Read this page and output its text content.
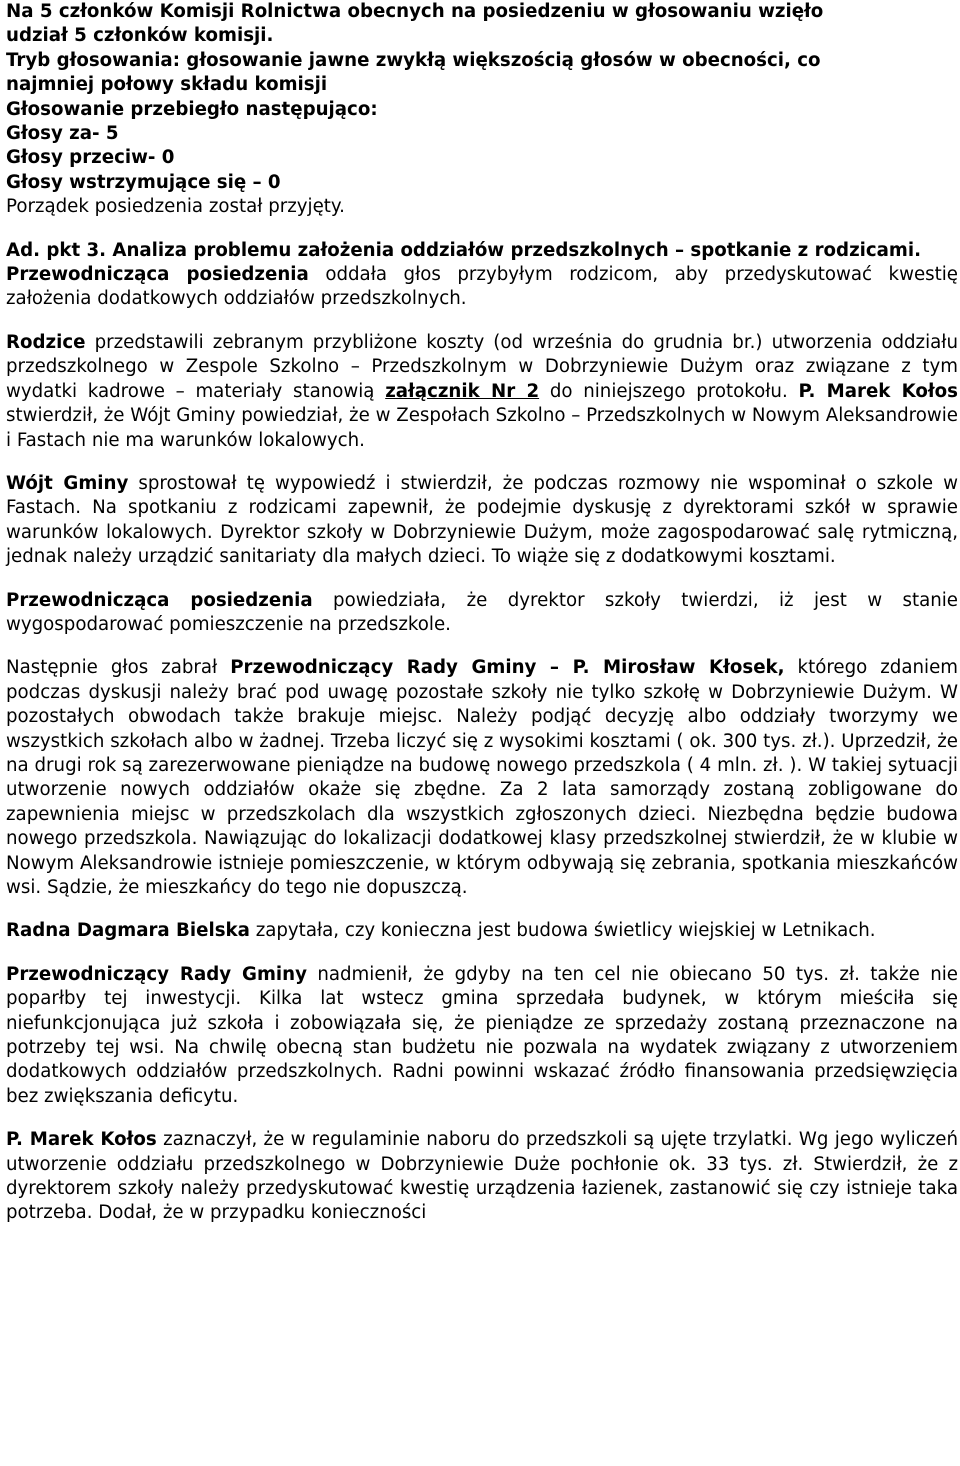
Na 5 członków Komisji Rolnictwa obecnych na posiedzeniu w głosowaniu wzięło
udział 5 członków komisji.
Tryb głosowania: głosowanie jawne zwykłą większością głosów w obecności, co
najmniej połowy składu komisji
Głosowanie przebiegło następująco:
Głosy za- 5
Głosy przeciw- 0
Głosy wstrzymujące się – 0
Porządek posiedzenia został przyjęty.

Ad. pkt 3. Analiza problemu założenia oddziałów przedszkolnych – spotkanie z rodzicami.

Przewodnicząca posiedzenia oddała głos przybyłym rodzicom, aby przedyskutować kwestię założenia dodatkowych oddziałów przedszkolnych.

Rodzice przedstawili zebranym przybliżone koszty (od września do grudnia br.) utworzenia oddziału przedszkolnego w Zespole Szkolno – Przedszkolnym w Dobrzyniewie Dużym oraz związane z tym wydatki kadrowe – materiały stanowią załącznik Nr 2 do niniejszego protokołu. P. Marek Kołos stwierdził, że Wójt Gminy powiedział, że w Zespołach Szkolno – Przedszkolnych w Nowym Aleksandrowie i Fastach nie ma warunków lokalowych.

Wójt Gminy sprostował tę wypowiedź i stwierdził, że podczas rozmowy nie wspominał o szkole w Fastach. Na spotkaniu z rodzicami zapewnił, że podejmie dyskusję z dyrektorami szkół w sprawie warunków lokalowych. Dyrektor szkoły w Dobrzyniewie Dużym, może zagospodarować salę rytmiczną, jednak należy urządzić sanitariaty dla małych dzieci. To wiąże się z dodatkowymi kosztami.

Przewodnicząca posiedzenia powiedziała, że dyrektor szkoły twierdzi, iż jest w stanie wygospodarować pomieszczenie na przedszkole.

Następnie głos zabrał Przewodniczący Rady Gminy – P. Mirosław Kłosek, którego zdaniem podczas dyskusji należy brać pod uwagę pozostałe szkoły nie tylko szkołę w Dobrzyniewie Dużym. W pozostałych obwodach także brakuje miejsc. Należy podjąć decyzję albo oddziały tworzymy we wszystkich szkołach albo w żadnej. Trzeba liczyć się z wysokimi kosztami ( ok. 300 tys. zł.). Uprzedził, że na drugi rok są zarezerwowane pieniądze na budowę nowego przedszkola ( 4 mln. zł. ). W takiej sytuacji utworzenie nowych oddziałów okaże się zbędne. Za 2 lata samorządy zostaną zobligowane do zapewnienia miejsc w przedszkolach dla wszystkich zgłoszonych dzieci. Niezbędna będzie budowa nowego przedszkola. Nawiązując do lokalizacji dodatkowej klasy przedszkolnej stwierdził, że w klubie w Nowym Aleksandrowie istnieje pomieszczenie, w którym odbywają się zebrania, spotkania mieszkańców wsi. Sądzie, że mieszkańcy do tego nie dopuszczą.

Radna Dagmara Bielska zapytała, czy konieczna jest budowa świetlicy wiejskiej w Letnikach.

Przewodniczący Rady Gminy nadmienił, że gdyby na ten cel nie obiecano 50 tys. zł. także nie poparłby tej inwestycji. Kilka lat wstecz gmina sprzedała budynek, w którym mieściła się niefunkcjonująca już szkoła i zobowiązała się, że pieniądze ze sprzedaży zostaną przeznaczone na potrzeby tej wsi. Na chwilę obecną stan budżetu nie pozwala na wydatek związany z utworzeniem dodatkowych oddziałów przedszkolnych. Radni powinni wskazać źródło finansowania przedsięwzięcia bez zwiększania deficytu.

P. Marek Kołos zaznaczył, że w regulaminie naboru do przedszkoli są ujęte trzylatki. Wg jego wyliczeń utworzenie oddziału przedszkolnego w Dobrzyniewie Duże pochłonie ok. 33 tys. zł. Stwierdził, że z dyrektorem szkoły należy przedyskutować kwestię urządzenia łazienek, zastanowić się czy istnieje taka potrzeba. Dodał, że w przypadku konieczności
